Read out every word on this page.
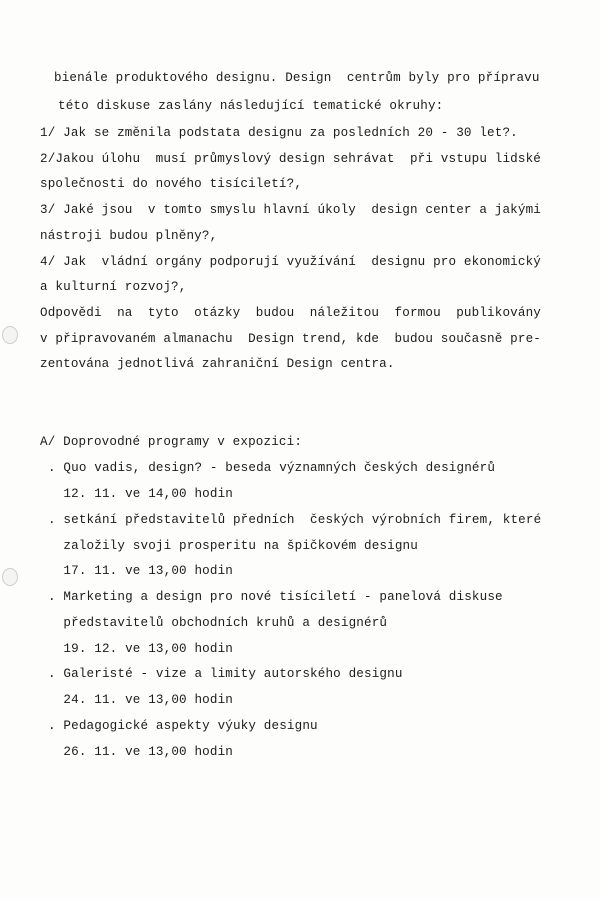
bienále produktového designu. Design  centrům byly pro přípravu
této diskuse zaslány následující tematické okruhy:
1/ Jak se změnila podstata designu za posledních 20 - 30 let?.
2/Jakou úlohu  musí průmyslový design sehrávat  při vstupu lidské
společnosti do nového tisíciletí?,
3/ Jaké jsou  v tomto smyslu hlavní úkoly  design center a jakými
nástroji budou plněny?,
4/ Jak  vládní orgány podporují využívání  designu pro ekonomický
a kulturní rozvoj?,
Odpovědi  na  tyto  otázky  budou  náležitou  formou  publikovány
v připravovaném almanachu  Design trend, kde  budou současně pre-
zentována jednotlivá zahraniční Design centra.
A/ Doprovodné programy v expozici:
. Quo vadis, design? - beseda významných českých designérů
12. 11. ve 14,00 hodin
. setkání představitelů předních  českých výrobních firem, které
založily svoji prosperitu na špičkovém designu
17. 11. ve 13,00 hodin
. Marketing a design pro nové tisíciletí - panelová diskuse
představitelů obchodních kruhů a designérů
19. 12. ve 13,00 hodin
. Galeristé - vize a limity autorského designu
24. 11. ve 13,00 hodin
. Pedagogické aspekty výuky designu
26. 11. ve 13,00 hodin
